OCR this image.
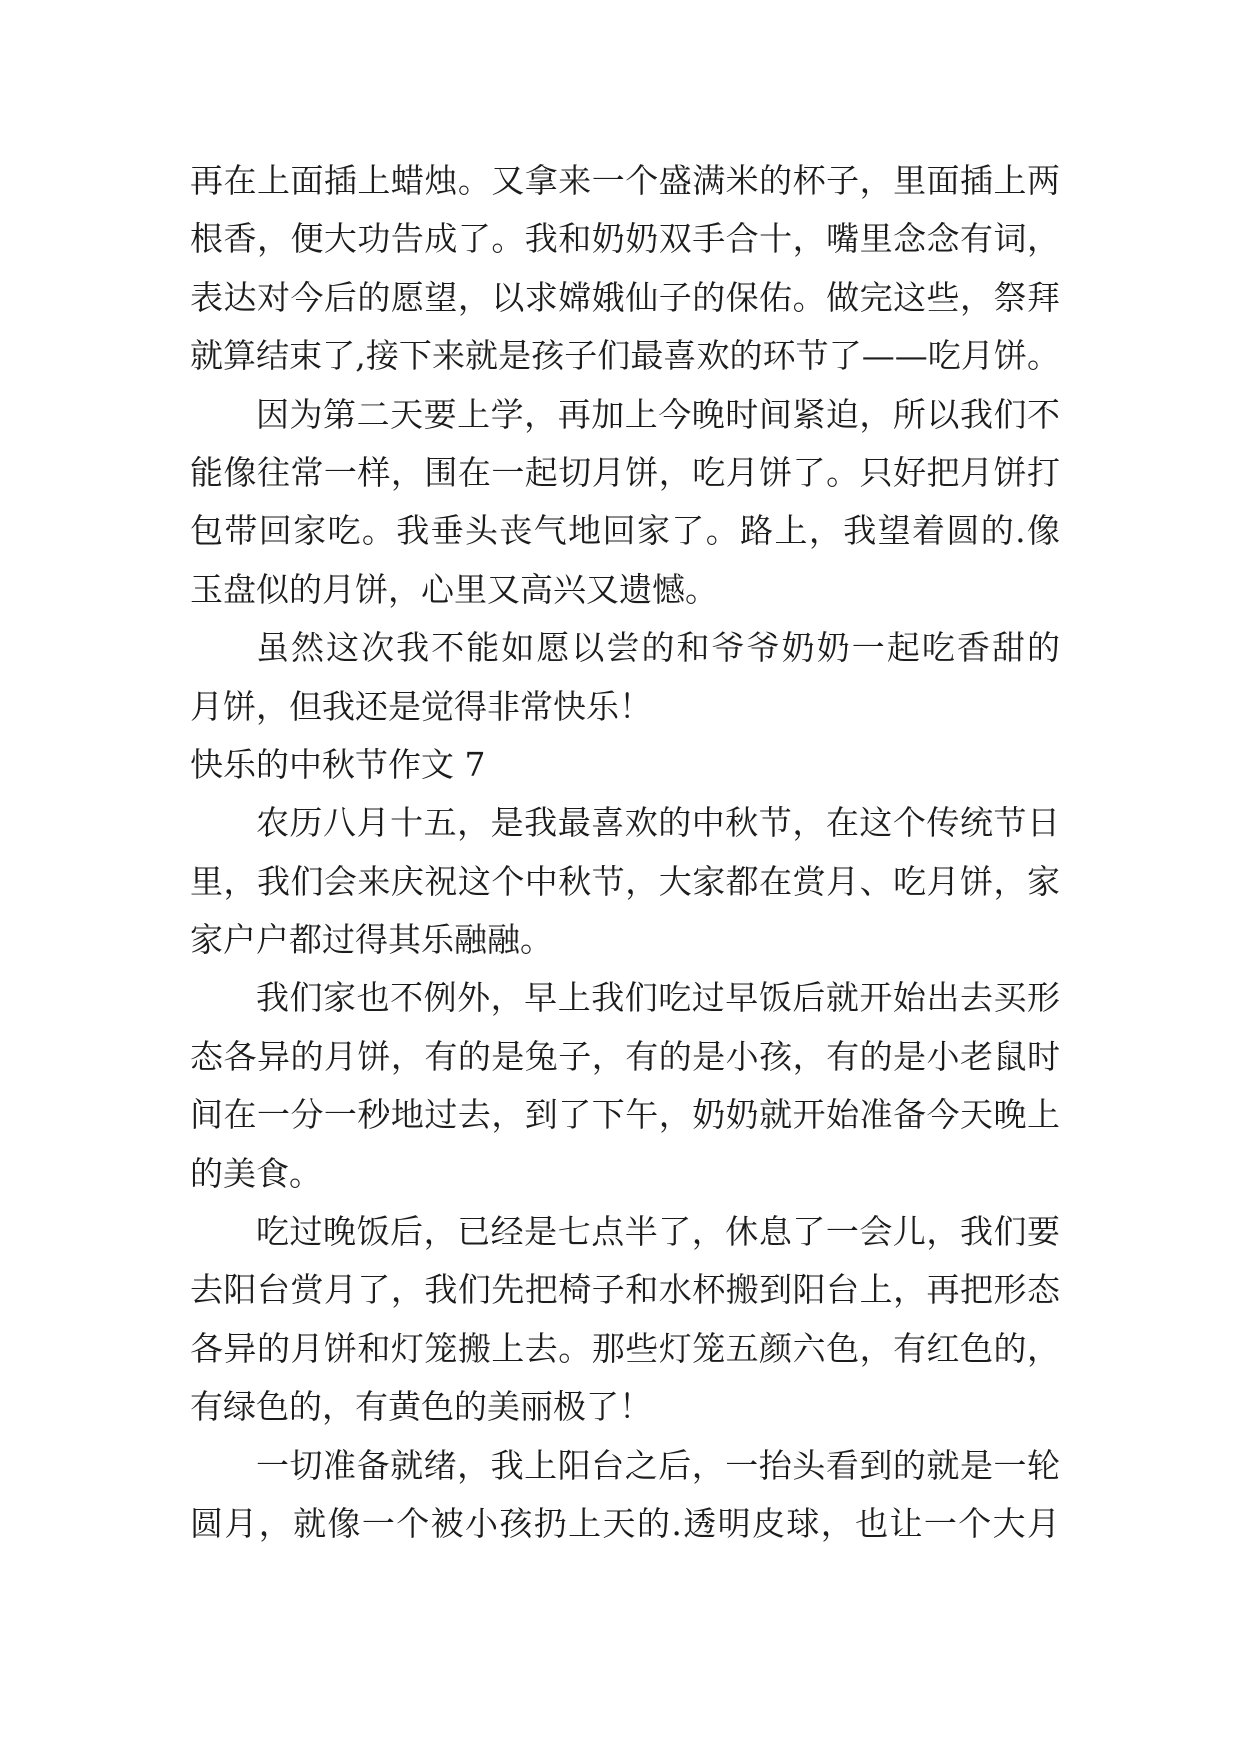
再在上面插上蜡烛。又拿来一个盛满米的杯子，里面插上两
根香，便大功告成了。我和奶奶双手合十，嘴里念念有词，
表达对今后的愿望，以求嫦娥仙子的保佑。做完这些，祭拜
就算结束了,接下来就是孩子们最喜欢的环节了——吃月饼。
因为第二天要上学，再加上今晚时间紧迫，所以我们不
能像往常一样，围在一起切月饼，吃月饼了。只好把月饼打
包带回家吃。我垂头丧气地回家了。路上，我望着圆的.像
玉盘似的月饼，心里又高兴又遗憾。
虽然这次我不能如愿以尝的和爷爷奶奶一起吃香甜的
月饼，但我还是觉得非常快乐！
快乐的中秋节作文 7
农历八月十五，是我最喜欢的中秋节，在这个传统节日
里，我们会来庆祝这个中秋节，大家都在赏月、吃月饼，家
家户户都过得其乐融融。
我们家也不例外，早上我们吃过早饭后就开始出去买形
态各异的月饼，有的是兔子，有的是小孩，有的是小老鼠时
间在一分一秒地过去，到了下午，奶奶就开始准备今天晚上
的美食。
吃过晚饭后，已经是七点半了，休息了一会儿，我们要
去阳台赏月了，我们先把椅子和水杯搬到阳台上，再把形态
各异的月饼和灯笼搬上去。那些灯笼五颜六色，有红色的，
有绿色的，有黄色的美丽极了！
一切准备就绪，我上阳台之后，一抬头看到的就是一轮
圆月，就像一个被小孩扔上天的.透明皮球，也让一个大月
